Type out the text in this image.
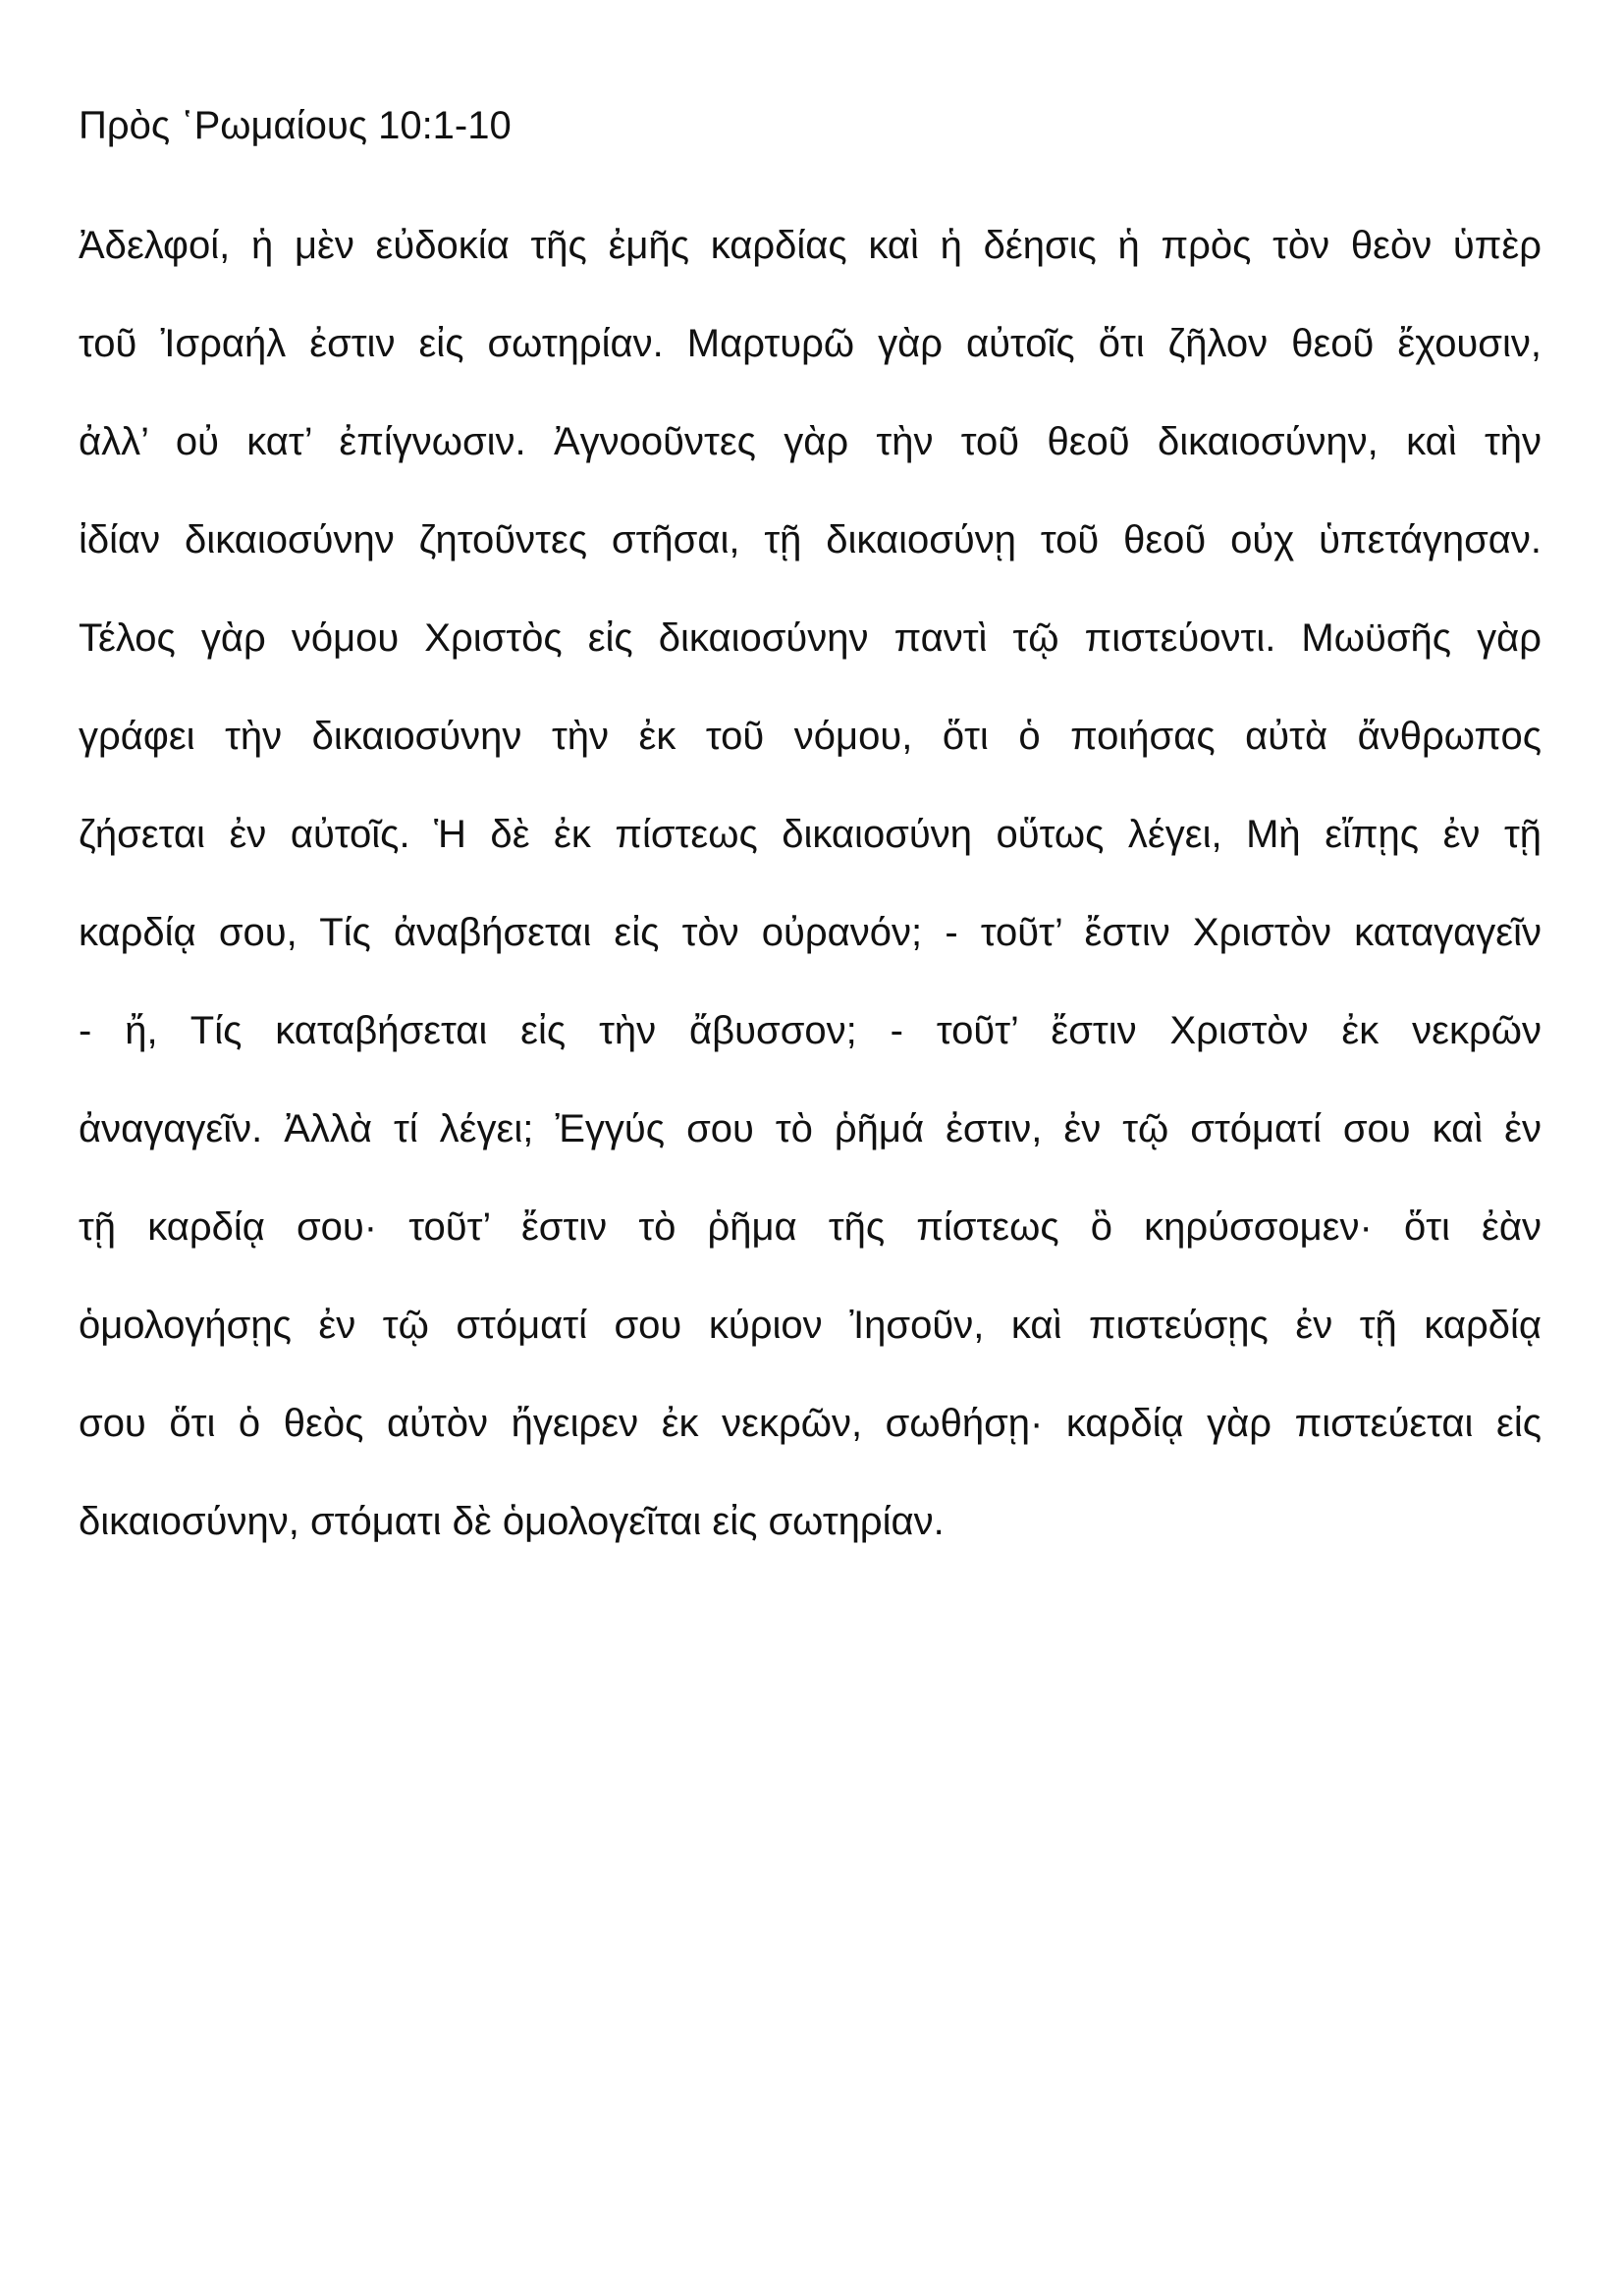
Πρὸς ῾Ρωμαίους 10:1-10
Ἀδελφοί, ἡ μὲν εὐδοκία τῆς ἐμῆς καρδίας καὶ ἡ δέησις ἡ πρὸς τὸν θεὸν ὑπὲρ
τοῦ Ἰσραήλ ἐστιν εἰς σωτηρίαν. Μαρτυρῶ γὰρ αὐτοῖς ὅτι ζῆλον θεοῦ ἔχουσιν,
ἀλλ’ οὐ κατ’ ἐπίγνωσιν. Ἀγνοοῦντες γὰρ τὴν τοῦ θεοῦ δικαιοσύνην, καὶ τὴν
ἰδίαν δικαιοσύνην ζητοῦντες στῆσαι, τῇ δικαιοσύνῃ τοῦ θεοῦ οὐχ ὑπετάγησαν.
Τέλος γὰρ νόμου Χριστὸς εἰς δικαιοσύνην παντὶ τῷ πιστεύοντι. Μωϋσῆς γὰρ
γράφει τὴν δικαιοσύνην τὴν ἐκ τοῦ νόμου, ὅτι ὁ ποιήσας αὐτὰ ἄνθρωπος
ζήσεται ἐν αὐτοῖς. Ἡ δὲ ἐκ πίστεως δικαιοσύνη οὕτως λέγει, Μὴ εἴπῃς ἐν τῇ
καρδίᾳ σου, Τίς ἀναβήσεται εἰς τὸν οὐρανόν; - τοῦτ’ ἔστιν Χριστὸν καταγαγεῖν
- ἤ, Τίς καταβήσεται εἰς τὴν ἄβυσσον; - τοῦτ’ ἔστιν Χριστὸν ἐκ νεκρῶν
ἀναγαγεῖν. Ἀλλὰ τί λέγει; Ἐγγύς σου τὸ ῥῆμά ἐστιν, ἐν τῷ στόματί σου καὶ ἐν
τῇ καρδίᾳ σου· τοῦτ’ ἔστιν τὸ ῥῆμα τῆς πίστεως ὃ κηρύσσομεν· ὅτι ἐὰν
ὁμολογήσῃς ἐν τῷ στόματί σου κύριον Ἰησοῦν, καὶ πιστεύσῃς ἐν τῇ καρδίᾳ
σου ὅτι ὁ θεὸς αὐτὸν ἤγειρεν ἐκ νεκρῶν, σωθήσῃ· καρδίᾳ γὰρ πιστεύεται εἰς
δικαιοσύνην, στόματι δὲ ὁμολογεῖται εἰς σωτηρίαν.
